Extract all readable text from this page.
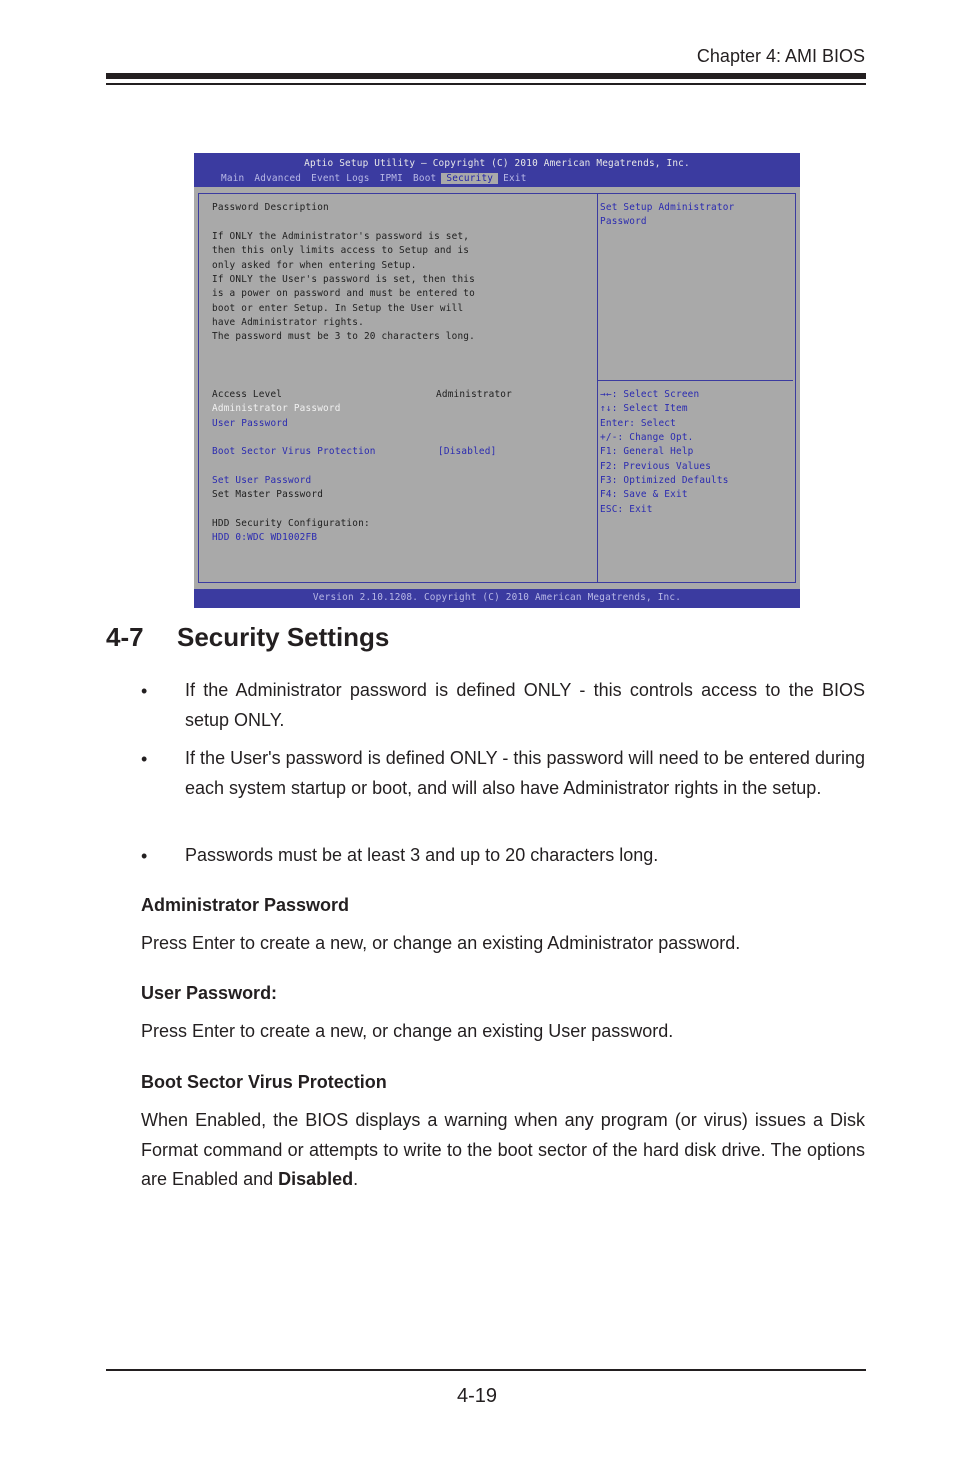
Chapter 4: AMI BIOS
Aptio Setup Utility – Copyright (C) 2010 American Megatrends, Inc.
Main	Advanced	Event Logs	IPMI	Boot	Security	Exit
Password Description
If ONLY the Administrator's password is set,
then this only limits access to Setup and is
only asked for when entering Setup.
If ONLY the User's password is set, then this
is a power on password and must be entered to
boot or enter Setup. In Setup the User will
have Administrator rights.
The password must be 3 to 20 characters long.
Access Level	Administrator
Administrator Password
User Password
Boot Sector Virus Protection	[Disabled]
Set User Password
Set Master Password
HDD Security Configuration:
HDD 0:WDC WD1002FB
Set Setup Administrator
Password
→←: Select Screen
↑↓: Select Item
Enter: Select
+/-: Change Opt.
F1: General Help
F2: Previous Values
F3: Optimized Defaults
F4: Save & Exit
ESC: Exit
Version 2.10.1208. Copyright (C) 2010 American Megatrends, Inc.
4-7 Security Settings
• If the Administrator password is defined ONLY - this controls access to the BIOS setup ONLY.
• If the User's password is defined ONLY - this password will need to be entered during each system startup or boot, and will also have Administrator rights in the setup.
• Passwords must be at least 3 and up to 20 characters long.
Administrator Password
Press Enter to create a new, or change an existing Administrator password.
User Password:
Press Enter to create a new, or change an existing User password.
Boot Sector Virus Protection
When Enabled, the BIOS displays a warning when any program (or virus) issues a Disk Format command or attempts to write to the boot sector of the hard disk drive. The options are Enabled and Disabled.
4-19
